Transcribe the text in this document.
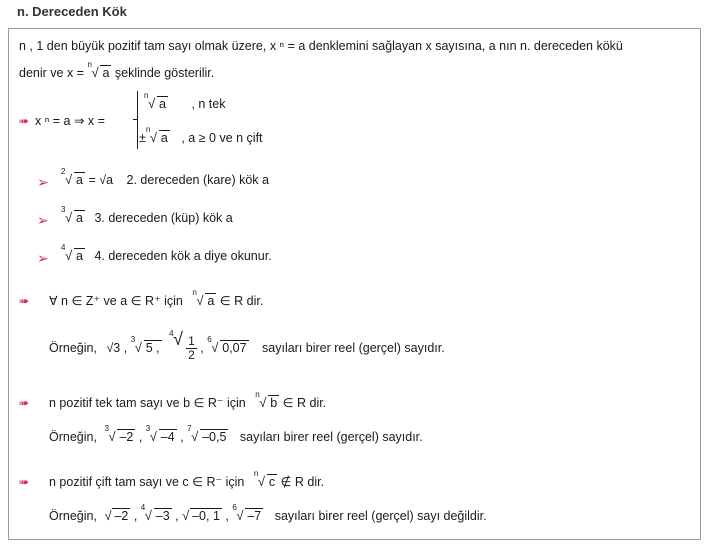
n. Dereceden Kök
n , 1 den büyük pozitif tam sayı olmak üzere, x ⁿ = a denklemini sağlayan x sayısına, a nın n. dereceden kökü
denir ve x =
n
√ a şeklinde gösterilir.
➠ x ⁿ = a ⇒ x =
n
√ a , n tek
±
n
√ a , a ≥ 0 ve n çift
➢
2
√ a = √a 2. dereceden (kare) kök a
➢
3
√ a 3. dereceden (küp) kök a
➢
4
√ a 4. dereceden kök a diye okunur.
➠ ∀ n ∈ Z⁺ ve a ∈ R⁺ için
n
√ a ∈ R dir.
Örneğin, √3 ,
3
√ 5 ,
4 √ $\frac{1}{2}$ ,
6
√ 0,07 sayıları birer reel (gerçel) sayıdır.
➠ n pozitif tek tam sayı ve b ∈ R⁻ için
n
√ b ∈ R dir.
Örneğin,
3
√ –2 ,
3
√ –4 ,
7
√ –0,5 sayıları birer reel (gerçel) sayıdır.
➠ n pozitif çift tam sayı ve c ∈ R⁻ için
n
√ c ∉ R dir.
Örneğin, √ –2 ,
4
√ –3 , √ –0, 1 ,
6
√ –7 sayıları birer reel (gerçel) sayı değildir.
